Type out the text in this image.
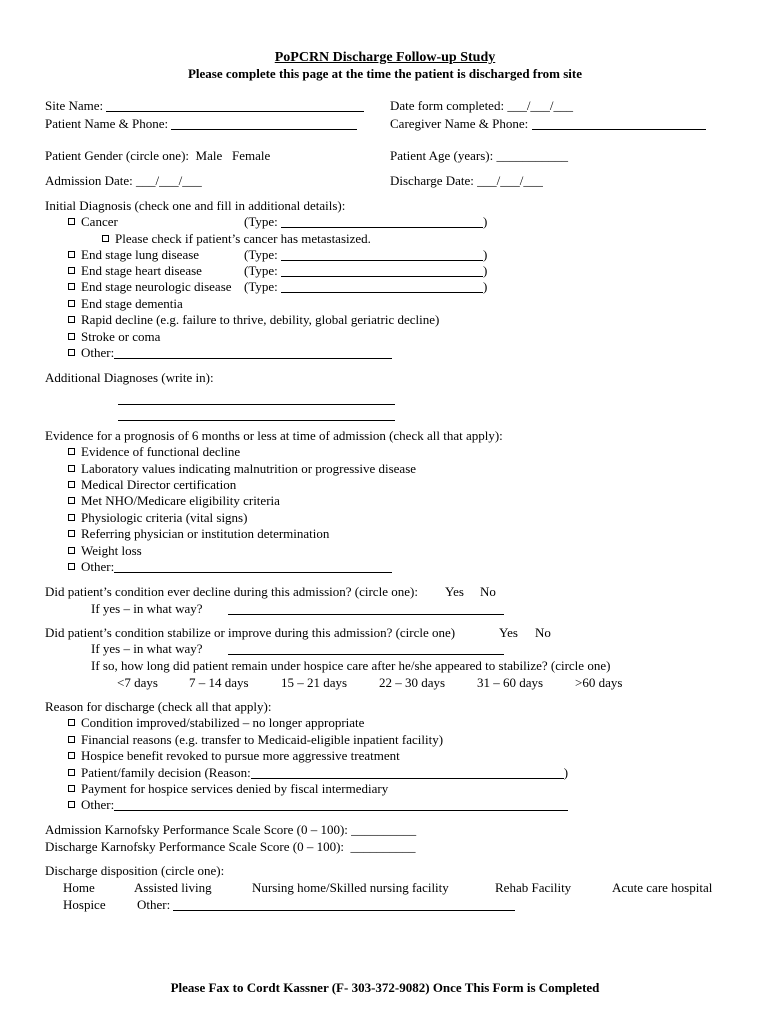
PoPCRN Discharge Follow-up Study
Please complete this page at the time the patient is discharged from site
Site Name:	Date form completed: ___/___/___
Patient Name & Phone:	Caregiver Name & Phone:
Patient Gender (circle one):  Male   Female	Patient Age (years): ___________
Admission Date: ___/___/___	Discharge Date: ___/___/___
Initial Diagnosis (check one and fill in additional details):
Cancer	(Type:	)
Please check if patient’s cancer has metastasized.
End stage lung disease	(Type:	)
End stage heart disease	(Type:	)
End stage neurologic disease (Type:	)
End stage dementia
Rapid decline (e.g. failure to thrive, debility, global geriatric decline)
Stroke or coma
Other:
Additional Diagnoses (write in):
Evidence for a prognosis of 6 months or less at time of admission (check all that apply):
Evidence of functional decline
Laboratory values indicating malnutrition or progressive disease
Medical Director certification
Met NHO/Medicare eligibility criteria
Physiologic criteria (vital signs)
Referring physician or institution determination
Weight loss
Other:
Did patient’s condition ever decline during this admission? (circle one): Yes No
If yes – in what way?
Did patient’s condition stabilize or improve during this admission? (circle one)	Yes No
If yes – in what way?
If so, how long did patient remain under hospice care after he/she appeared to stabilize? (circle one)
<7 days 7 – 14 days 15 – 21 days 22 – 30 days 31 – 60 days >60 days
Reason for discharge (check all that apply):
Condition improved/stabilized – no longer appropriate
Financial reasons (e.g. transfer to Medicaid-eligible inpatient facility)
Hospice benefit revoked to pursue more aggressive treatment
Patient/family decision (Reason:	)
Payment for hospice services denied by fiscal intermediary
Other:
Admission Karnofsky Performance Scale Score (0 – 100): __________
Discharge Karnofsky Performance Scale Score (0 – 100):  __________
Discharge disposition (circle one):
Home	Assisted living	Nursing home/Skilled nursing facility	Rehab Facility	Acute care hospital
Hospice Other:
Please Fax to Cordt Kassner (F- 303-372-9082) Once This Form is Completed
